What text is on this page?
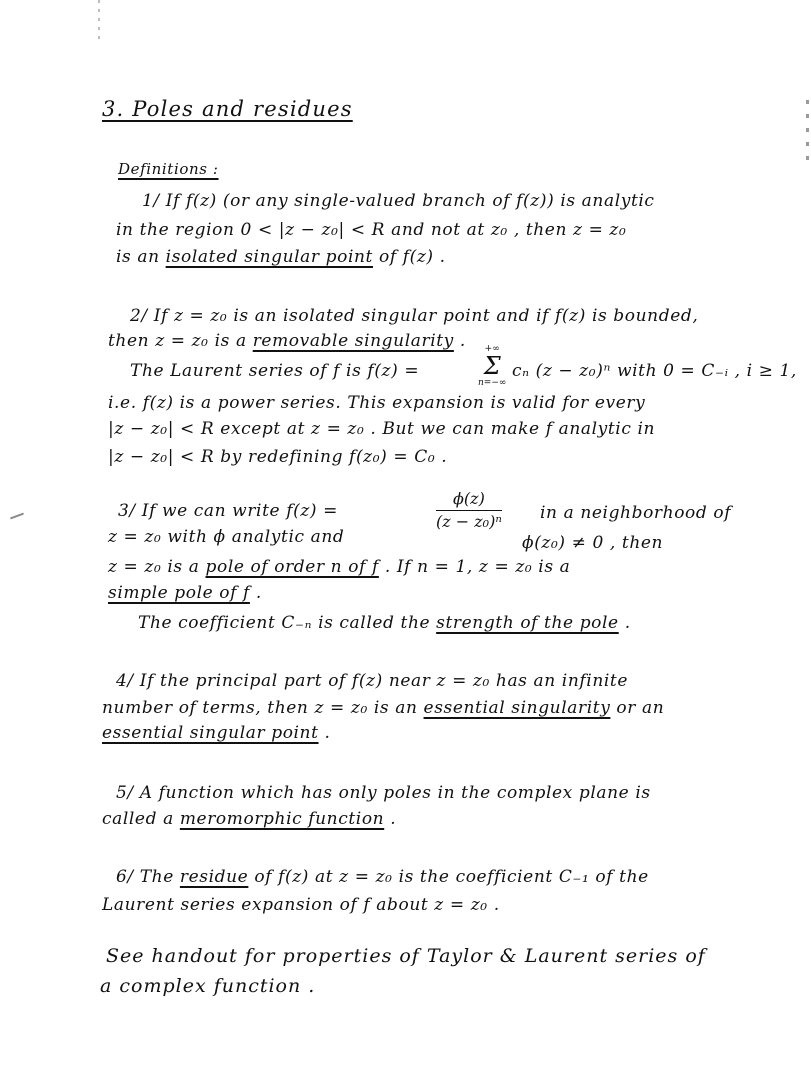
3. Poles and residues
Definitions :
1/ If f(z) (or any single-valued branch of f(z)) is analytic
in the region 0 < |z − z₀| < R and not at z₀ , then z = z₀
is an isolated singular point of f(z) .
2/ If z = z₀ is an isolated singular point and if f(z) is bounded,
then z = z₀ is a removable singularity .
The Laurent series of f is f(z) =
+∞
Σ
n=−∞
cₙ (z − z₀)ⁿ with 0 = C₋ᵢ , i ≥ 1,
i.e. f(z) is a power series. This expansion is valid for every
|z − z₀| < R except at z = z₀ . But we can make f analytic in
|z − z₀| < R by redefining f(z₀) = C₀ .
3/ If we can write f(z) =	$\frac{\phi(z)}{\text{(z − z₀)ⁿ}}$ in a neighborhood of
z = z₀ with ϕ analytic and	ϕ(z₀) ≠ 0 , then
z = z₀ is a pole of order n of f . If n = 1, z = z₀ is a
simple pole of f .
The coefficient C₋ₙ is called the strength of the pole .
4/ If the principal part of f(z) near z = z₀ has an infinite
number of terms, then z = z₀ is an essential singularity or an
essential singular point .
5/ A function which has only poles in the complex plane is
called a meromorphic function .
6/ The residue of f(z) at z = z₀ is the coefficient C₋₁ of the
Laurent series expansion of f about z = z₀ .
See handout for properties of Taylor & Laurent series of
a complex function .
